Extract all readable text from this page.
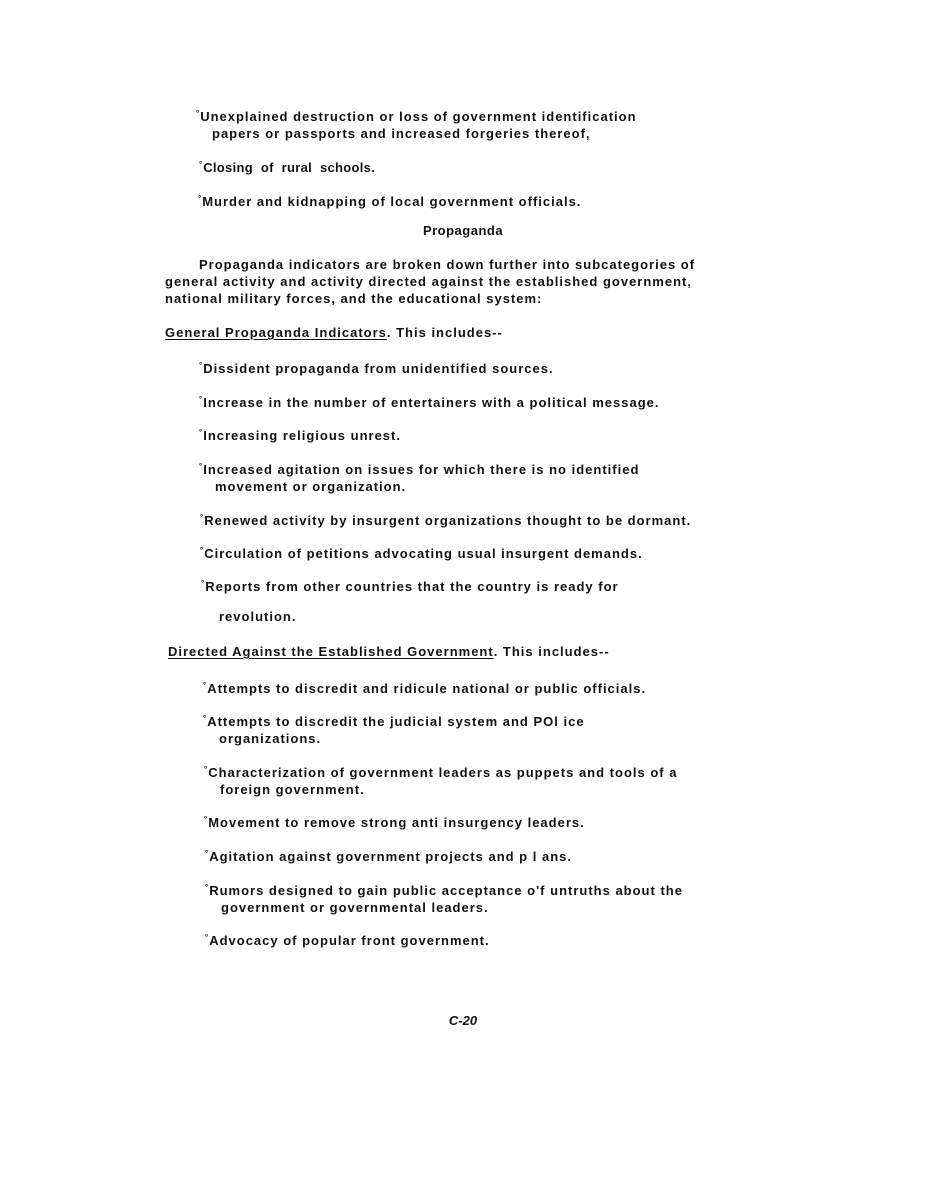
°Unexplained destruction or loss of government identification
papers or passports and increased forgeries thereof,
°Closing of rural schools.
°Murder and kidnapping of local government officials.
Propaganda
Propaganda indicators are broken down further into subcategories of
general activity and activity directed against the established government,
national military forces, and the educational system:
General Propaganda Indicators. This includes--
°Dissident propaganda from unidentified sources.
°Increase in the number of entertainers with a political message.
°Increasing religious unrest.
°Increased agitation on issues for which there is no identified
movement or organization.
°Renewed activity by insurgent organizations thought to be dormant.
°Circulation of petitions advocating usual insurgent demands.
°Reports from other countries that the country is ready for
revolution.
Directed Against the Established Government. This includes--
°Attempts to discredit and ridicule national or public officials.
°Attempts to discredit the judicial system and POl ice
organizations.
°Characterization of government leaders as puppets and tools of a
foreign government.
°Movement to remove strong anti insurgency leaders.
°Agitation against government projects and p l ans.
°Rumors designed to gain public acceptance o'f untruths about the
government or governmental leaders.
°Advocacy of popular front government.
C-20
